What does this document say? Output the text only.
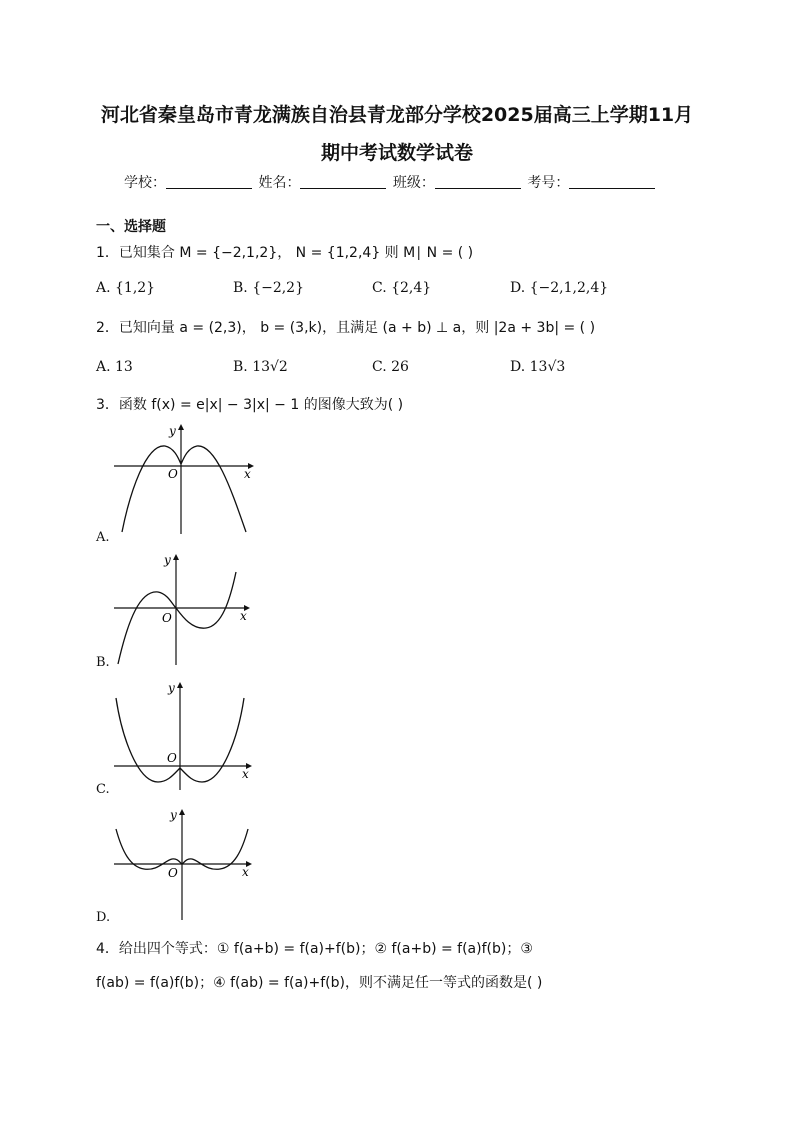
河北省秦皇岛市青龙满族自治县青龙部分学校2025届高三上学期11月
期中考试数学试卷
学校：	姓名：	班级：	考号：
一、选择题
1．已知集合 M = {−2,1,2}， N = {1,2,4} 则 M∣ N = ( )
A. {1,2}	B. {−2,2}	C. {2,4}	D. {−2,1,2,4}
2．已知向量 a = (2,3)， b = (3,k)，且满足 (a + b) ⊥ a，则 |2a + 3b| = ( )
A. 13	B. 13√2	C. 26	D. 13√3
3．函数 f(x) = e|x| − 3|x| − 1 的图像大致为( )
x
y
O
A.
x
y
O
B.
x
y
O
C.
x
y
O
D.
4．给出四个等式：① f(a+b) = f(a)+f(b)；② f(a+b) = f(a)f(b)；③
f(ab) = f(a)f(b)；④ f(ab) = f(a)+f(b)，则不满足任一等式的函数是( )
